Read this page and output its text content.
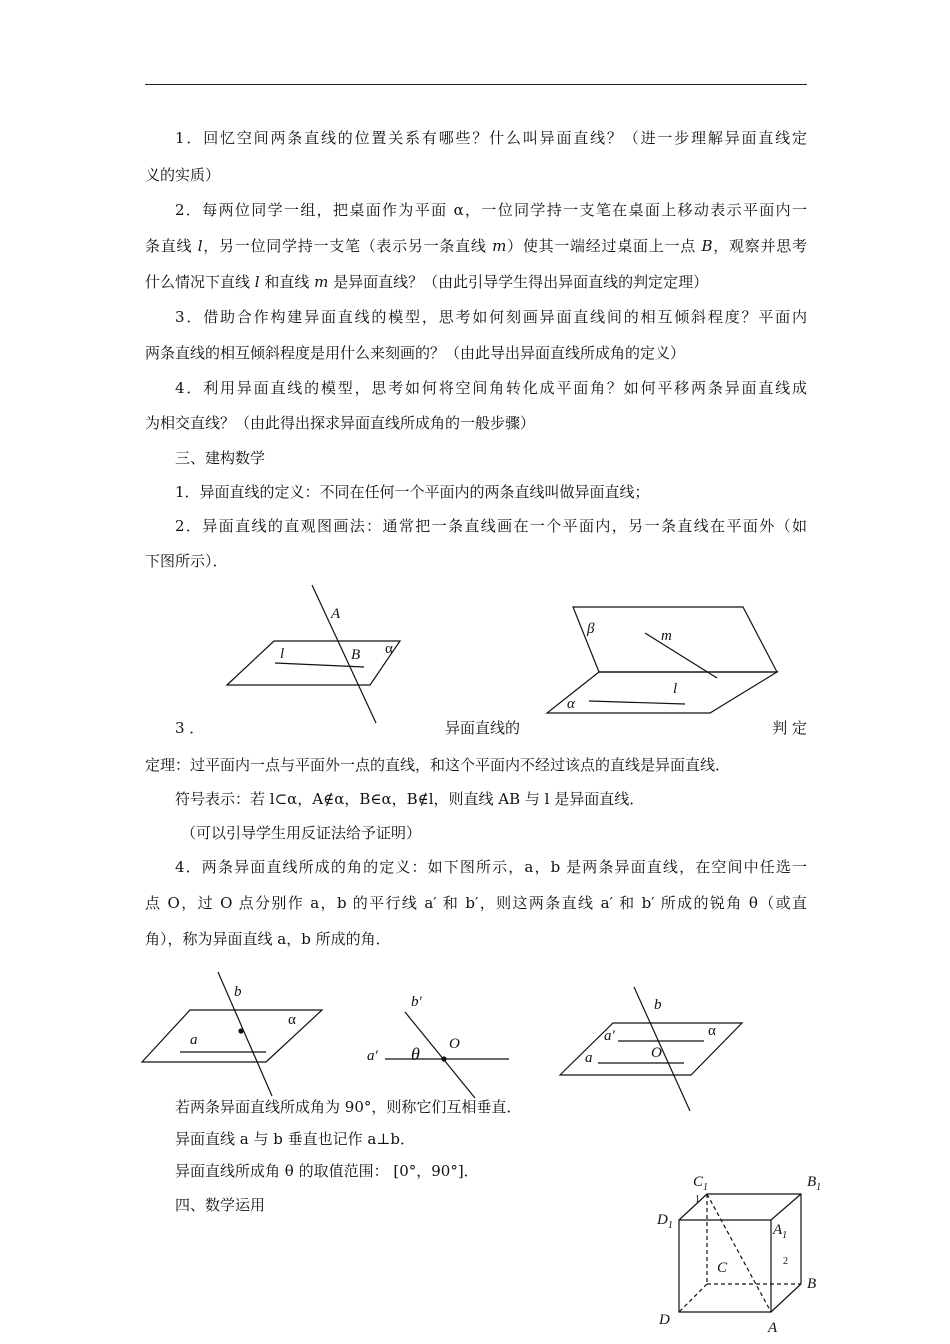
1．回忆空间两条直线的位置关系有哪些？什么叫异面直线？（进一步理解异面直线定
义的实质）
2．每两位同学一组，把桌面作为平面 α，一位同学持一支笔在桌面上移动表示平面内一
条直线 l，另一位同学持一支笔（表示另一条直线 m）使其一端经过桌面上一点 B，观察并思考
什么情况下直线 l 和直线 m 是异面直线？（由此引导学生得出异面直线的判定定理）
3．借助合作构建异面直线的模型，思考如何刻画异面直线间的相互倾斜程度？平面内
两条直线的相互倾斜程度是用什么来刻画的？（由此导出异面直线所成角的定义）
4．利用异面直线的模型，思考如何将空间角转化成平面角？如何平移两条异面直线成
为相交直线？（由此得出探求异面直线所成角的一般步骤）
三、建构数学
1．异面直线的定义：不同在任何一个平面内的两条直线叫做异面直线；
2．异面直线的直观图画法：通常把一条直线画在一个平面内，另一条直线在平面外（如
下图所示）．
A
B
l	α
β	m
l
α
3 ．	异面直线的	判 定
定理：过平面内一点与平面外一点的直线，和这个平面内不经过该点的直线是异面直线．
符号表示：若 l⊂α，A∉α，B∈α，B∉l，则直线 AB 与 l 是异面直线．
（可以引导学生用反证法给予证明）
4．两条异面直线所成的角的定义：如下图所示，a，b 是两条异面直线，在空间中任选一
点 O，过 O 点分别作 a，b 的平行线 a′ 和 b′，则这两条直线 a′ 和 b′ 所成的锐角 θ（或直
角），称为异面直线 a，b 所成的角．
b
a
α
b′
a′
O
θ
b
a′
a
α
O
若两条异面直线所成角为 90°，则称它们互相垂直．
异面直线 a 与 b 垂直也记作 a⊥b．
异面直线所成角 θ 的取值范围： [0°，90°]．
四、数学运用
$C_1$
1
$B_1$
$D_1$	$A_1$
2
C
B
D	A
